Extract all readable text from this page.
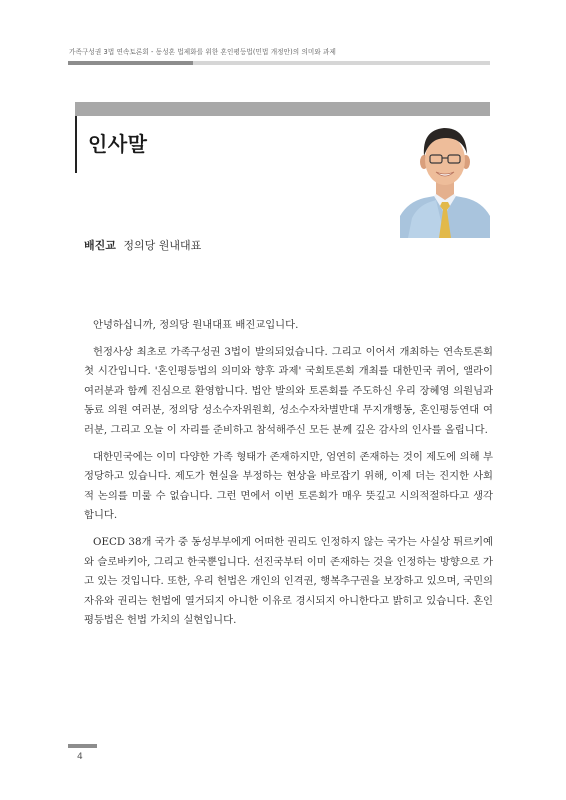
가족구성권 3법 연속토론회 - 동성혼 법제화를 위한 혼인평등법(민법 개정안)의 의미와 과제
인사말
배진교 정의당 원내대표

안녕하십니까, 정의당 원내대표 배진교입니다.

헌정사상 최초로 가족구성권 3법이 발의되었습니다. 그리고 이어서 개최하는 연속토론회 첫 시간입니다. '혼인평등법의 의미와 향후 과제' 국회토론회 개최를 대한민국 퀴어, 앨라이 여러분과 함께 진심으로 환영합니다. 법안 발의와 토론회를 주도하신 우리 장혜영 의원님과 동료 의원 여러분, 정의당 성소수자위원회, 성소수자차별반대 무지개행동, 혼인평등연대 여러분, 그리고 오늘 이 자리를 준비하고 참석해주신 모든 분께 깊은 감사의 인사를 올립니다.

대한민국에는 이미 다양한 가족 형태가 존재하지만, 엄연히 존재하는 것이 제도에 의해 부정당하고 있습니다. 제도가 현실을 부정하는 현상을 바로잡기 위해, 이제 더는 진지한 사회적 논의를 미룰 수 없습니다. 그런 면에서 이번 토론회가 매우 뜻깊고 시의적절하다고 생각합니다.

OECD 38개 국가 중 동성부부에게 어떠한 권리도 인정하지 않는 국가는 사실상 튀르키예와 슬로바키아, 그리고 한국뿐입니다. 선진국부터 이미 존재하는 것을 인정하는 방향으로 가고 있는 것입니다. 또한, 우리 헌법은 개인의 인격권, 행복추구권을 보장하고 있으며, 국민의 자유와 권리는 헌법에 열거되지 아니한 이유로 경시되지 아니한다고 밝히고 있습니다. 혼인평등법은 헌법 가치의 실현입니다.

4
